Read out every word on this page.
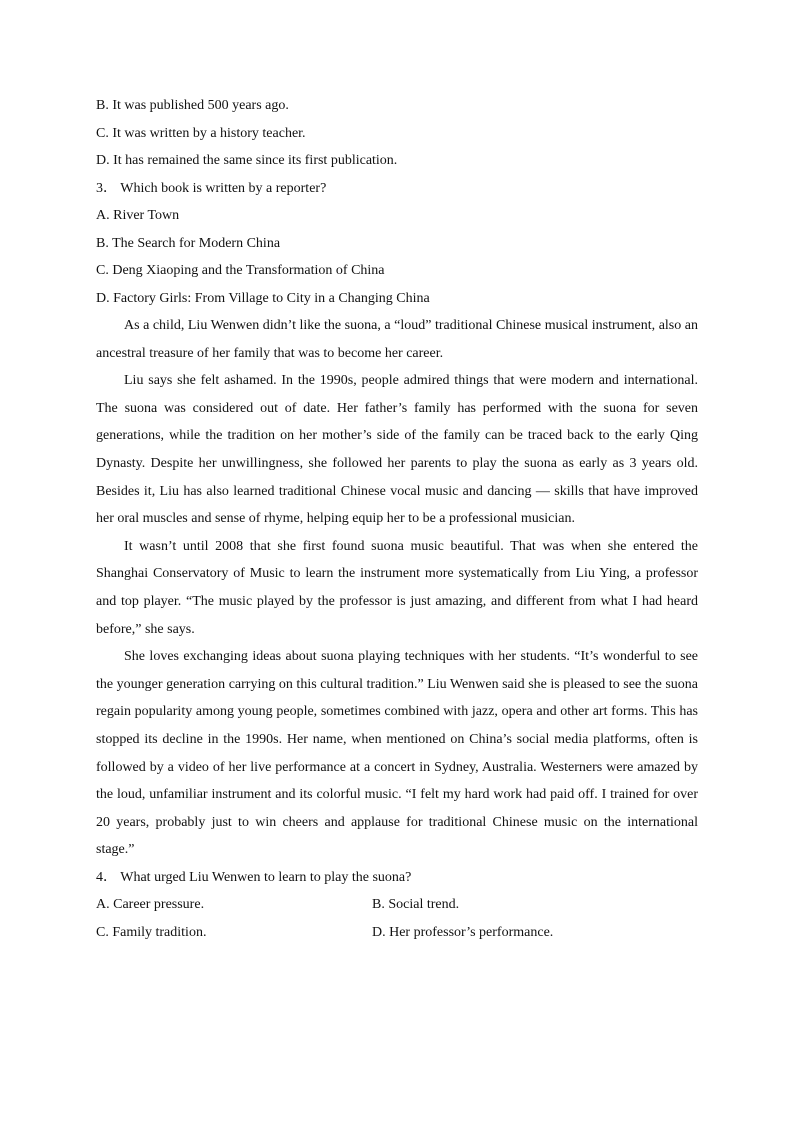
B. It was published 500 years ago.

C. It was written by a history teacher.

D. It has remained the same since its first publication.

3． Which book is written by a reporter?

A. River Town

B. The Search for Modern China

C. Deng Xiaoping and the Transformation of China

D. Factory Girls: From Village to City in a Changing China

As a child, Liu Wenwen didn’t like the suona, a “loud” traditional Chinese musical instrument, also an ancestral treasure of her family that was to become her career.

Liu says she felt ashamed. In the 1990s, people admired things that were modern and international. The suona was considered out of date. Her father’s family has performed with the suona for seven generations, while the tradition on her mother’s side of the family can be traced back to the early Qing Dynasty. Despite her unwillingness, she followed her parents to play the suona as early as 3 years old. Besides it, Liu has also learned traditional Chinese vocal music and dancing — skills that have improved her oral muscles and sense of rhyme, helping equip her to be a professional musician.

It wasn’t until 2008 that she first found suona music beautiful. That was when she entered the Shanghai Conservatory of Music to learn the instrument more systematically from Liu Ying, a professor and top player. “The music played by the professor is just amazing, and different from what I had heard before,” she says.

She loves exchanging ideas about suona playing techniques with her students. “It’s wonderful to see the younger generation carrying on this cultural tradition.” Liu Wenwen said she is pleased to see the suona regain popularity among young people, sometimes combined with jazz, opera and other art forms. This has stopped its decline in the 1990s. Her name, when mentioned on China’s social media platforms, often is followed by a video of her live performance at a concert in Sydney, Australia. Westerners were amazed by the loud, unfamiliar instrument and its colorful music. “I felt my hard work had paid off. I trained for over 20 years, probably just to win cheers and applause for traditional Chinese music on the international stage.”

4． What urged Liu Wenwen to learn to play the suona?

A. Career pressure.	B. Social trend.
C. Family tradition.	D. Her professor’s performance.
